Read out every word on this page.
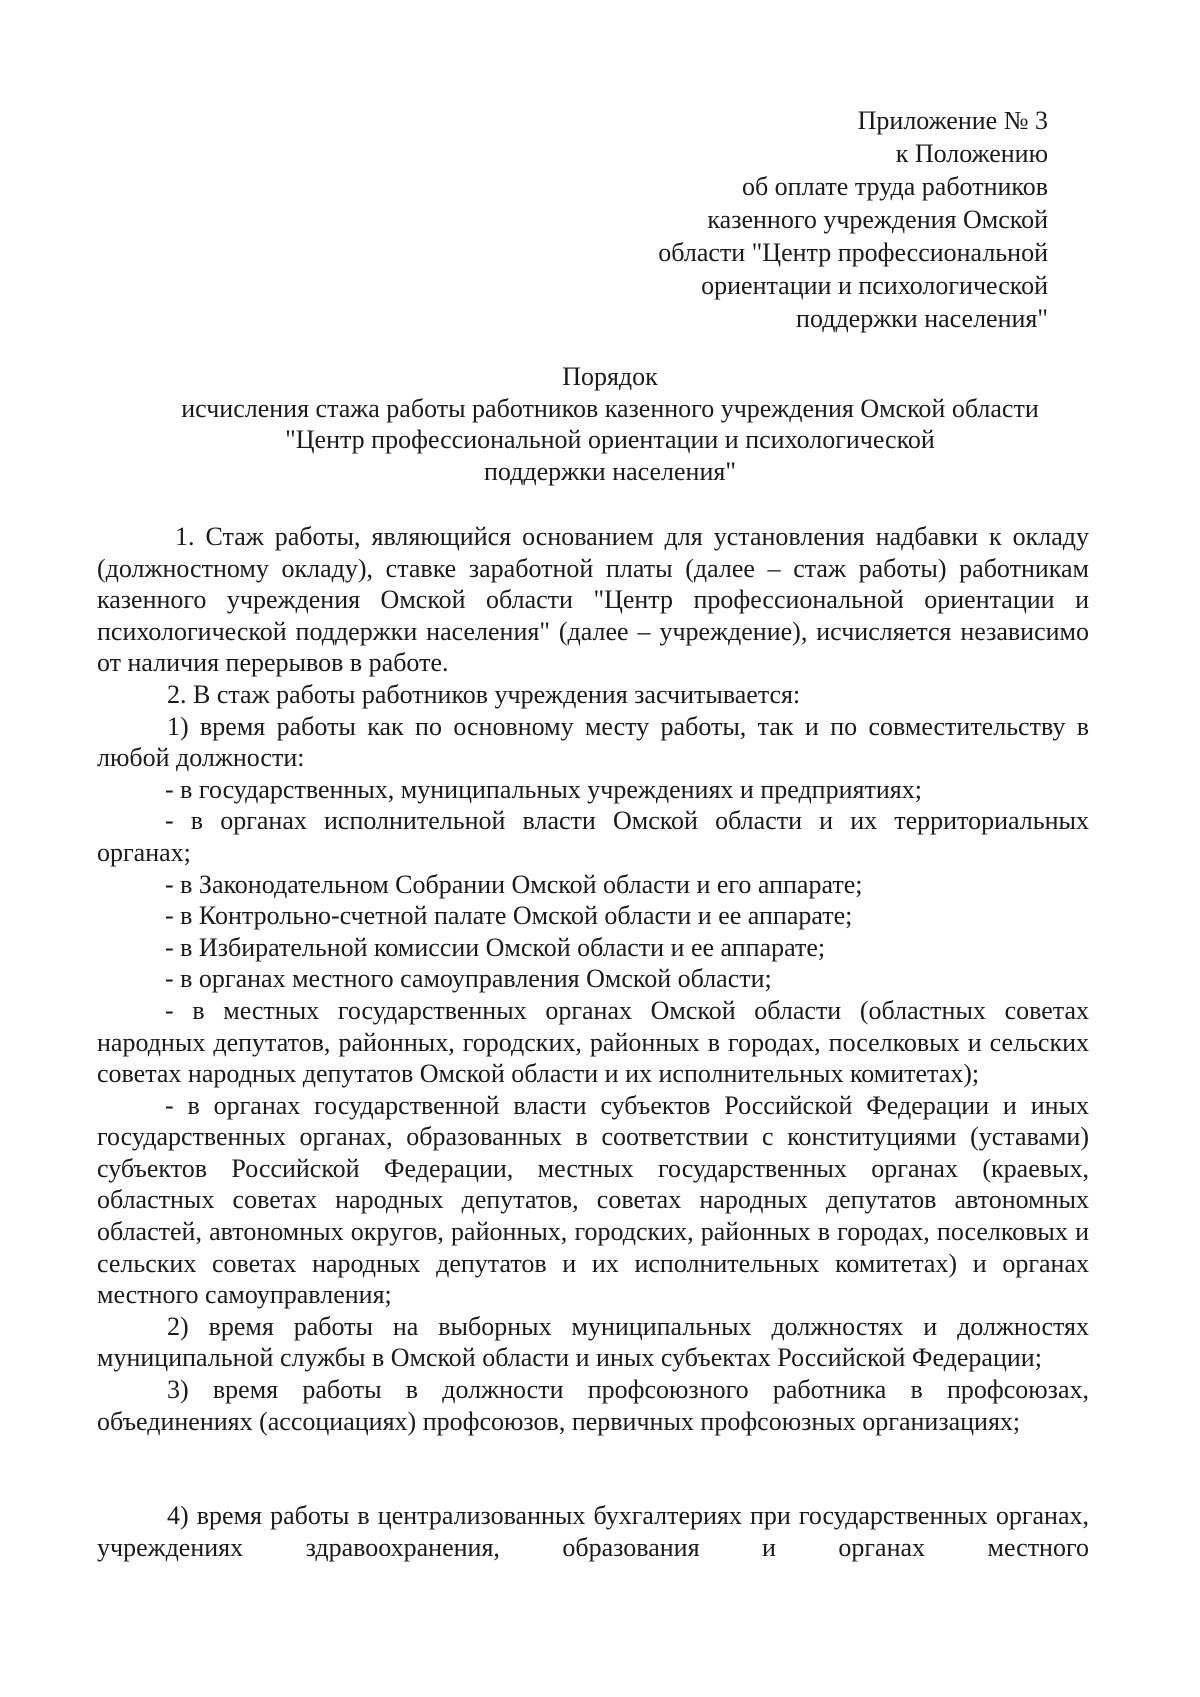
Приложение № 3
к Положению
об оплате труда работников
казенного учреждения Омской
области "Центр профессиональной
ориентации и психологической
поддержки населения"
Порядок
исчисления стажа работы работников казенного учреждения Омской области
"Центр профессиональной ориентации и психологической
поддержки населения"

1. Стаж работы, являющийся основанием для установления надбавки к окладу (должностному окладу), ставке заработной платы (далее – стаж работы) работникам казенного учреждения Омской области "Центр профессиональной ориентации и психологической поддержки населения" (далее – учреждение), исчисляется независимо от наличия перерывов в работе.

2. В стаж работы работников учреждения засчитывается:

1) время работы как по основному месту работы, так и по совместительству в любой должности:

- в государственных, муниципальных учреждениях и предприятиях;

- в органах исполнительной власти Омской области и их территориальных органах;

- в Законодательном Собрании Омской области и его аппарате;

- в Контрольно-счетной палате Омской области и ее аппарате;

- в Избирательной комиссии Омской области и ее аппарате;

- в органах местного самоуправления Омской области;

- в местных государственных органах Омской области (областных советах народных депутатов, районных, городских, районных в городах, поселковых и сельских советах народных депутатов Омской области и их исполнительных комитетах);

- в органах государственной власти субъектов Российской Федерации и иных государственных органах, образованных в соответствии с конституциями (уставами) субъектов Российской Федерации, местных государственных органах (краевых, областных советах народных депутатов, советах народных депутатов автономных областей, автономных округов, районных, городских, районных в городах, поселковых и сельских советах народных депутатов и их исполнительных комитетах) и органах местного самоуправления;

2) время работы на выборных муниципальных должностях и должностях муниципальной службы в Омской области и иных субъектах Российской Федерации;

3) время работы в должности профсоюзного работника в профсоюзах, объединениях (ассоциациях) профсоюзов, первичных профсоюзных организациях;

4) время работы в централизованных бухгалтериях при государственных органах, учреждениях здравоохранения, образования и органах местного
